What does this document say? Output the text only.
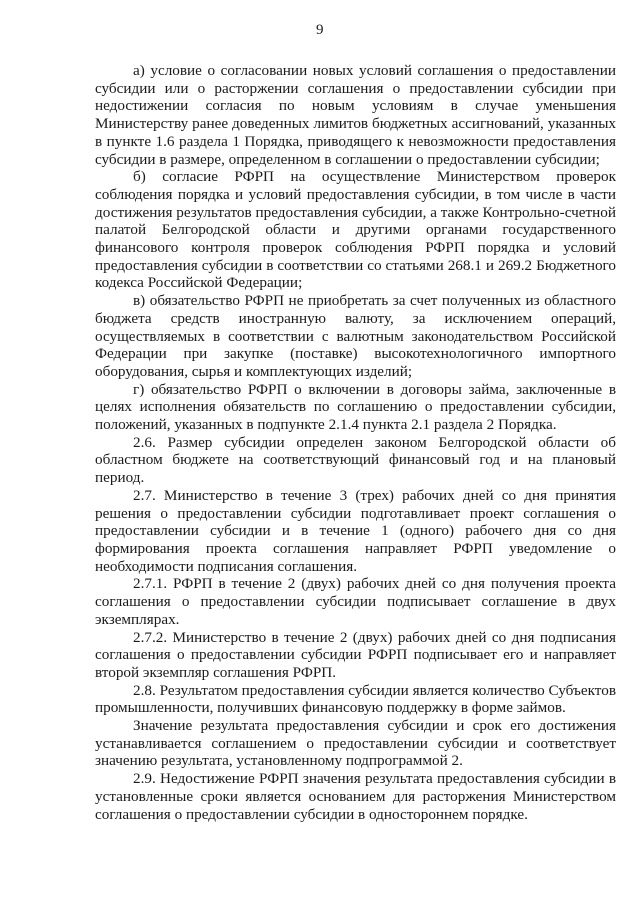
9

а) условие о согласовании новых условий соглашения о предоставлении субсидии или о расторжении соглашения о предоставлении субсидии при недостижении согласия по новым условиям в случае уменьшения Министерству ранее доведенных лимитов бюджетных ассигнований, указанных в пункте 1.6 раздела 1 Порядка, приводящего к невозможности предоставления субсидии в размере, определенном в соглашении о предоставлении субсидии;

б) согласие РФРП на осуществление Министерством проверок соблюдения порядка и условий предоставления субсидии, в том числе в части достижения результатов предоставления субсидии, а также Контрольно-счетной палатой Белгородской области и другими органами государственного финансового контроля проверок соблюдения РФРП порядка и условий предоставления субсидии в соответствии со статьями 268.1 и 269.2 Бюджетного кодекса Российской Федерации;

в) обязательство РФРП не приобретать за счет полученных из областного бюджета средств иностранную валюту, за исключением операций, осуществляемых в соответствии с валютным законодательством Российской Федерации при закупке (поставке) высокотехнологичного импортного оборудования, сырья и комплектующих изделий;

г) обязательство РФРП о включении в договоры займа, заключенные в целях исполнения обязательств по соглашению о предоставлении субсидии, положений, указанных в подпункте 2.1.4 пункта 2.1 раздела 2 Порядка.

2.6. Размер субсидии определен законом Белгородской области об областном бюджете на соответствующий финансовый год и на плановый период.

2.7. Министерство в течение 3 (трех) рабочих дней со дня принятия решения о предоставлении субсидии подготавливает проект соглашения о предоставлении субсидии и в течение 1 (одного) рабочего дня со дня формирования проекта соглашения направляет РФРП уведомление о необходимости подписания соглашения.

2.7.1. РФРП в течение 2 (двух) рабочих дней со дня получения проекта соглашения о предоставлении субсидии подписывает соглашение в двух экземплярах.

2.7.2. Министерство в течение 2 (двух) рабочих дней со дня подписания соглашения о предоставлении субсидии РФРП подписывает его и направляет второй экземпляр соглашения РФРП.

2.8. Результатом предоставления субсидии является количество Субъектов промышленности, получивших финансовую поддержку в форме займов.

Значение результата предоставления субсидии и срок его достижения устанавливается соглашением о предоставлении субсидии и соответствует значению результата, установленному подпрограммой 2.

2.9. Недостижение РФРП значения результата предоставления субсидии в установленные сроки является основанием для расторжения Министерством соглашения о предоставлении субсидии в одностороннем порядке.
